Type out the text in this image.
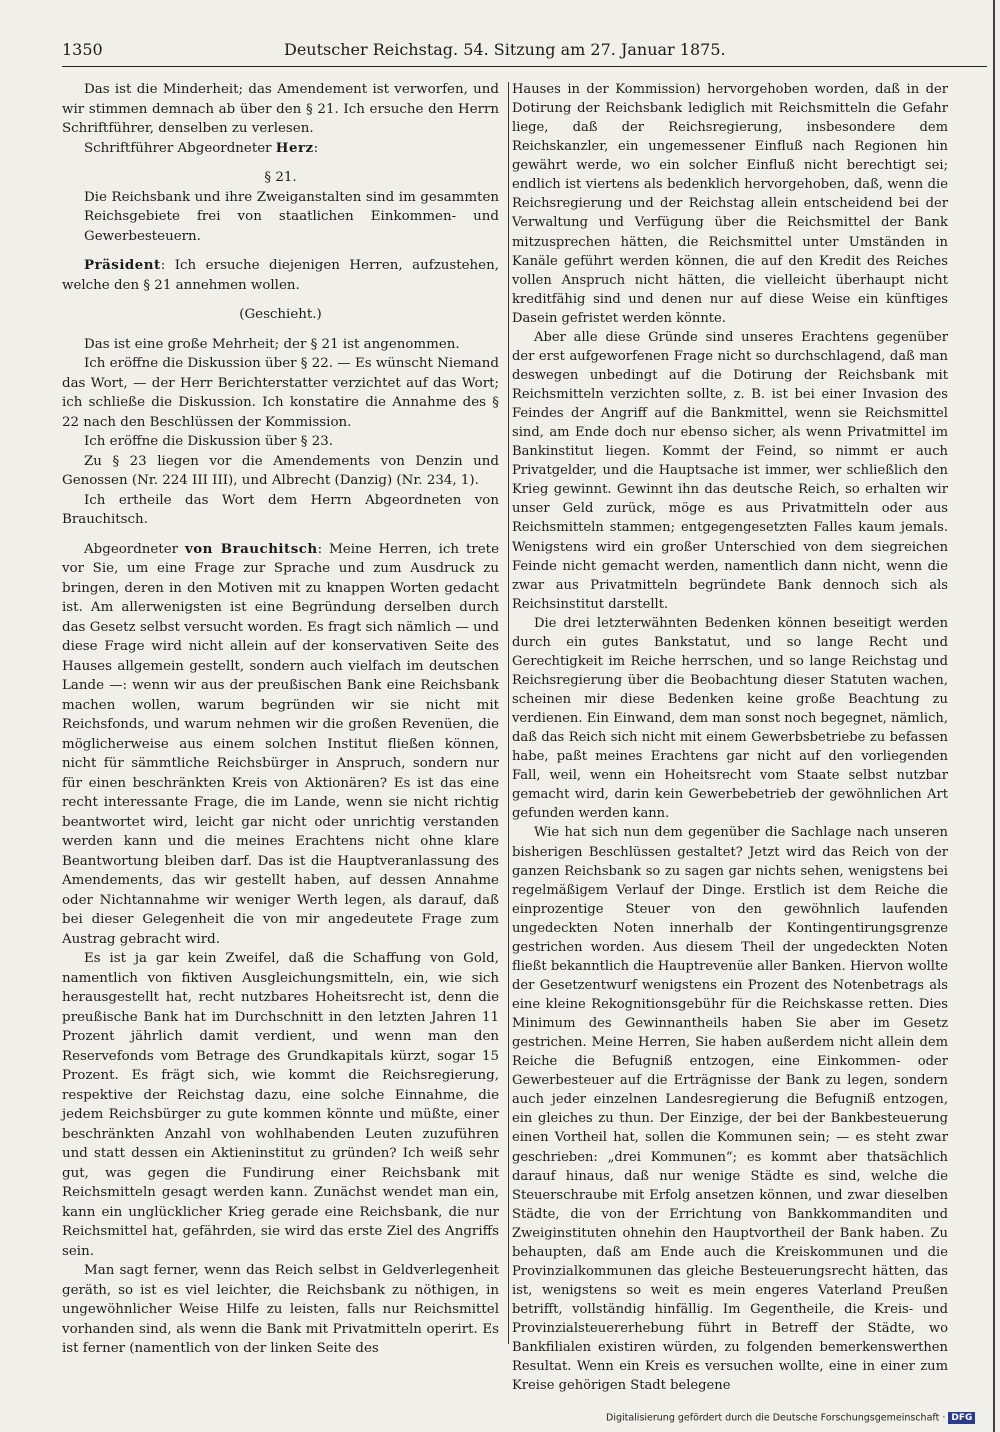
1350	Deutscher Reichstag. 54. Sitzung am 27. Januar 1875.

Das ist die Minderheit; das Amendement ist verworfen, und wir stimmen demnach ab über den § 21. Ich ersuche den Herrn Schriftführer, denselben zu verlesen.

Schriftführer Abgeordneter Herz:

§ 21.

Die Reichsbank und ihre Zweiganstalten sind im gesammten Reichsgebiete frei von staatlichen Einkommen- und Gewerbesteuern.

Präsident: Ich ersuche diejenigen Herren, aufzustehen, welche den § 21 annehmen wollen.

(Geschieht.)

Das ist eine große Mehrheit; der § 21 ist angenommen.

Ich eröffne die Diskussion über § 22. — Es wünscht Niemand das Wort, — der Herr Berichterstatter verzichtet auf das Wort; ich schließe die Diskussion. Ich konstatire die Annahme des § 22 nach den Beschlüssen der Kommission.

Ich eröffne die Diskussion über § 23.

Zu § 23 liegen vor die Amendements von Denzin und Genossen (Nr. 224 III III), und Albrecht (Danzig) (Nr. 234, 1).

Ich ertheile das Wort dem Herrn Abgeordneten von Brauchitsch.

Abgeordneter von Brauchitsch: Meine Herren, ich trete vor Sie, um eine Frage zur Sprache und zum Ausdruck zu bringen, deren in den Motiven mit zu knappen Worten gedacht ist. Am allerwenigsten ist eine Begründung derselben durch das Gesetz selbst versucht worden. Es fragt sich nämlich — und diese Frage wird nicht allein auf der konservativen Seite des Hauses allgemein gestellt, sondern auch vielfach im deutschen Lande —: wenn wir aus der preußischen Bank eine Reichsbank machen wollen, warum begründen wir sie nicht mit Reichsfonds, und warum nehmen wir die großen Revenüen, die möglicherweise aus einem solchen Institut fließen können, nicht für sämmtliche Reichsbürger in Anspruch, sondern nur für einen beschränkten Kreis von Aktionären? Es ist das eine recht interessante Frage, die im Lande, wenn sie nicht richtig beantwortet wird, leicht gar nicht oder unrichtig verstanden werden kann und die meines Erachtens nicht ohne klare Beantwortung bleiben darf. Das ist die Hauptveranlassung des Amendements, das wir gestellt haben, auf dessen Annahme oder Nichtannahme wir weniger Werth legen, als darauf, daß bei dieser Gelegenheit die von mir angedeutete Frage zum Austrag gebracht wird.

Es ist ja gar kein Zweifel, daß die Schaffung von Gold, namentlich von fiktiven Ausgleichungsmitteln, ein, wie sich herausgestellt hat, recht nutzbares Hoheitsrecht ist, denn die preußische Bank hat im Durchschnitt in den letzten Jahren 11 Prozent jährlich damit verdient, und wenn man den Reservefonds vom Betrage des Grundkapitals kürzt, sogar 15 Prozent. Es frägt sich, wie kommt die Reichsregierung, respektive der Reichstag dazu, eine solche Einnahme, die jedem Reichsbürger zu gute kommen könnte und müßte, einer beschränkten Anzahl von wohlhabenden Leuten zuzuführen und statt dessen ein Aktieninstitut zu gründen? Ich weiß sehr gut, was gegen die Fundirung einer Reichsbank mit Reichsmitteln gesagt werden kann. Zunächst wendet man ein, kann ein unglücklicher Krieg gerade eine Reichsbank, die nur Reichsmittel hat, gefährden, sie wird das erste Ziel des Angriffs sein.

Man sagt ferner, wenn das Reich selbst in Geldverlegenheit geräth, so ist es viel leichter, die Reichsbank zu nöthigen, in ungewöhnlicher Weise Hilfe zu leisten, falls nur Reichsmittel vorhanden sind, als wenn die Bank mit Privatmitteln operirt. Es ist ferner (namentlich von der linken Seite des

Hauses in der Kommission) hervorgehoben worden, daß in der Dotirung der Reichsbank lediglich mit Reichsmitteln die Gefahr liege, daß der Reichsregierung, insbesondere dem Reichskanzler, ein ungemessener Einfluß nach Regionen hin gewährt werde, wo ein solcher Einfluß nicht berechtigt sei; endlich ist viertens als bedenklich hervorgehoben, daß, wenn die Reichsregierung und der Reichstag allein entscheidend bei der Verwaltung und Verfügung über die Reichsmittel der Bank mitzusprechen hätten, die Reichsmittel unter Umständen in Kanäle geführt werden können, die auf den Kredit des Reiches vollen Anspruch nicht hätten, die vielleicht überhaupt nicht kreditfähig sind und denen nur auf diese Weise ein künftiges Dasein gefristet werden könnte.

Aber alle diese Gründe sind unseres Erachtens gegenüber der erst aufgeworfenen Frage nicht so durchschlagend, daß man deswegen unbedingt auf die Dotirung der Reichsbank mit Reichsmitteln verzichten sollte, z. B. ist bei einer Invasion des Feindes der Angriff auf die Bankmittel, wenn sie Reichsmittel sind, am Ende doch nur ebenso sicher, als wenn Privatmittel im Bankinstitut liegen. Kommt der Feind, so nimmt er auch Privatgelder, und die Hauptsache ist immer, wer schließlich den Krieg gewinnt. Gewinnt ihn das deutsche Reich, so erhalten wir unser Geld zurück, möge es aus Privatmitteln oder aus Reichsmitteln stammen; entgegengesetzten Falles kaum jemals. Wenigstens wird ein großer Unterschied von dem siegreichen Feinde nicht gemacht werden, namentlich dann nicht, wenn die zwar aus Privatmitteln begründete Bank dennoch sich als Reichsinstitut darstellt.

Die drei letzterwähnten Bedenken können beseitigt werden durch ein gutes Bankstatut, und so lange Recht und Gerechtigkeit im Reiche herrschen, und so lange Reichstag und Reichsregierung über die Beobachtung dieser Statuten wachen, scheinen mir diese Bedenken keine große Beachtung zu verdienen. Ein Einwand, dem man sonst noch begegnet, nämlich, daß das Reich sich nicht mit einem Gewerbsbetriebe zu befassen habe, paßt meines Erachtens gar nicht auf den vorliegenden Fall, weil, wenn ein Hoheitsrecht vom Staate selbst nutzbar gemacht wird, darin kein Gewerbebetrieb der gewöhnlichen Art gefunden werden kann.

Wie hat sich nun dem gegenüber die Sachlage nach unseren bisherigen Beschlüssen gestaltet? Jetzt wird das Reich von der ganzen Reichsbank so zu sagen gar nichts sehen, wenigstens bei regelmäßigem Verlauf der Dinge. Erstlich ist dem Reiche die einprozentige Steuer von den gewöhnlich laufenden ungedeckten Noten innerhalb der Kontingentirungsgrenze gestrichen worden. Aus diesem Theil der ungedeckten Noten fließt bekanntlich die Hauptrevenüe aller Banken. Hiervon wollte der Gesetzentwurf wenigstens ein Prozent des Notenbetrags als eine kleine Rekognitionsgebühr für die Reichskasse retten. Dies Minimum des Gewinnantheils haben Sie aber im Gesetz gestrichen. Meine Herren, Sie haben außerdem nicht allein dem Reiche die Befugniß entzogen, eine Einkommen- oder Gewerbesteuer auf die Erträgnisse der Bank zu legen, sondern auch jeder einzelnen Landesregierung die Befugniß entzogen, ein gleiches zu thun. Der Einzige, der bei der Bankbesteuerung einen Vortheil hat, sollen die Kommunen sein; — es steht zwar geschrieben: „drei Kommunen“; es kommt aber thatsächlich darauf hinaus, daß nur wenige Städte es sind, welche die Steuerschraube mit Erfolg ansetzen können, und zwar dieselben Städte, die von der Errichtung von Bankkommanditen und Zweiginstituten ohnehin den Hauptvortheil der Bank haben. Zu behaupten, daß am Ende auch die Kreiskommunen und die Provinzialkommunen das gleiche Besteuerungsrecht hätten, das ist, wenigstens so weit es mein engeres Vaterland Preußen betrifft, vollständig hinfällig. Im Gegentheile, die Kreis- und Provinzialsteuererhebung führt in Betreff der Städte, wo Bankfilialen existiren würden, zu folgenden bemerkenswerthen Resultat. Wenn ein Kreis es versuchen wollte, eine in einer zum Kreise gehörigen Stadt belegene

Digitalisierung gefördert durch die Deutsche Forschungsgemeinschaft · DFG
